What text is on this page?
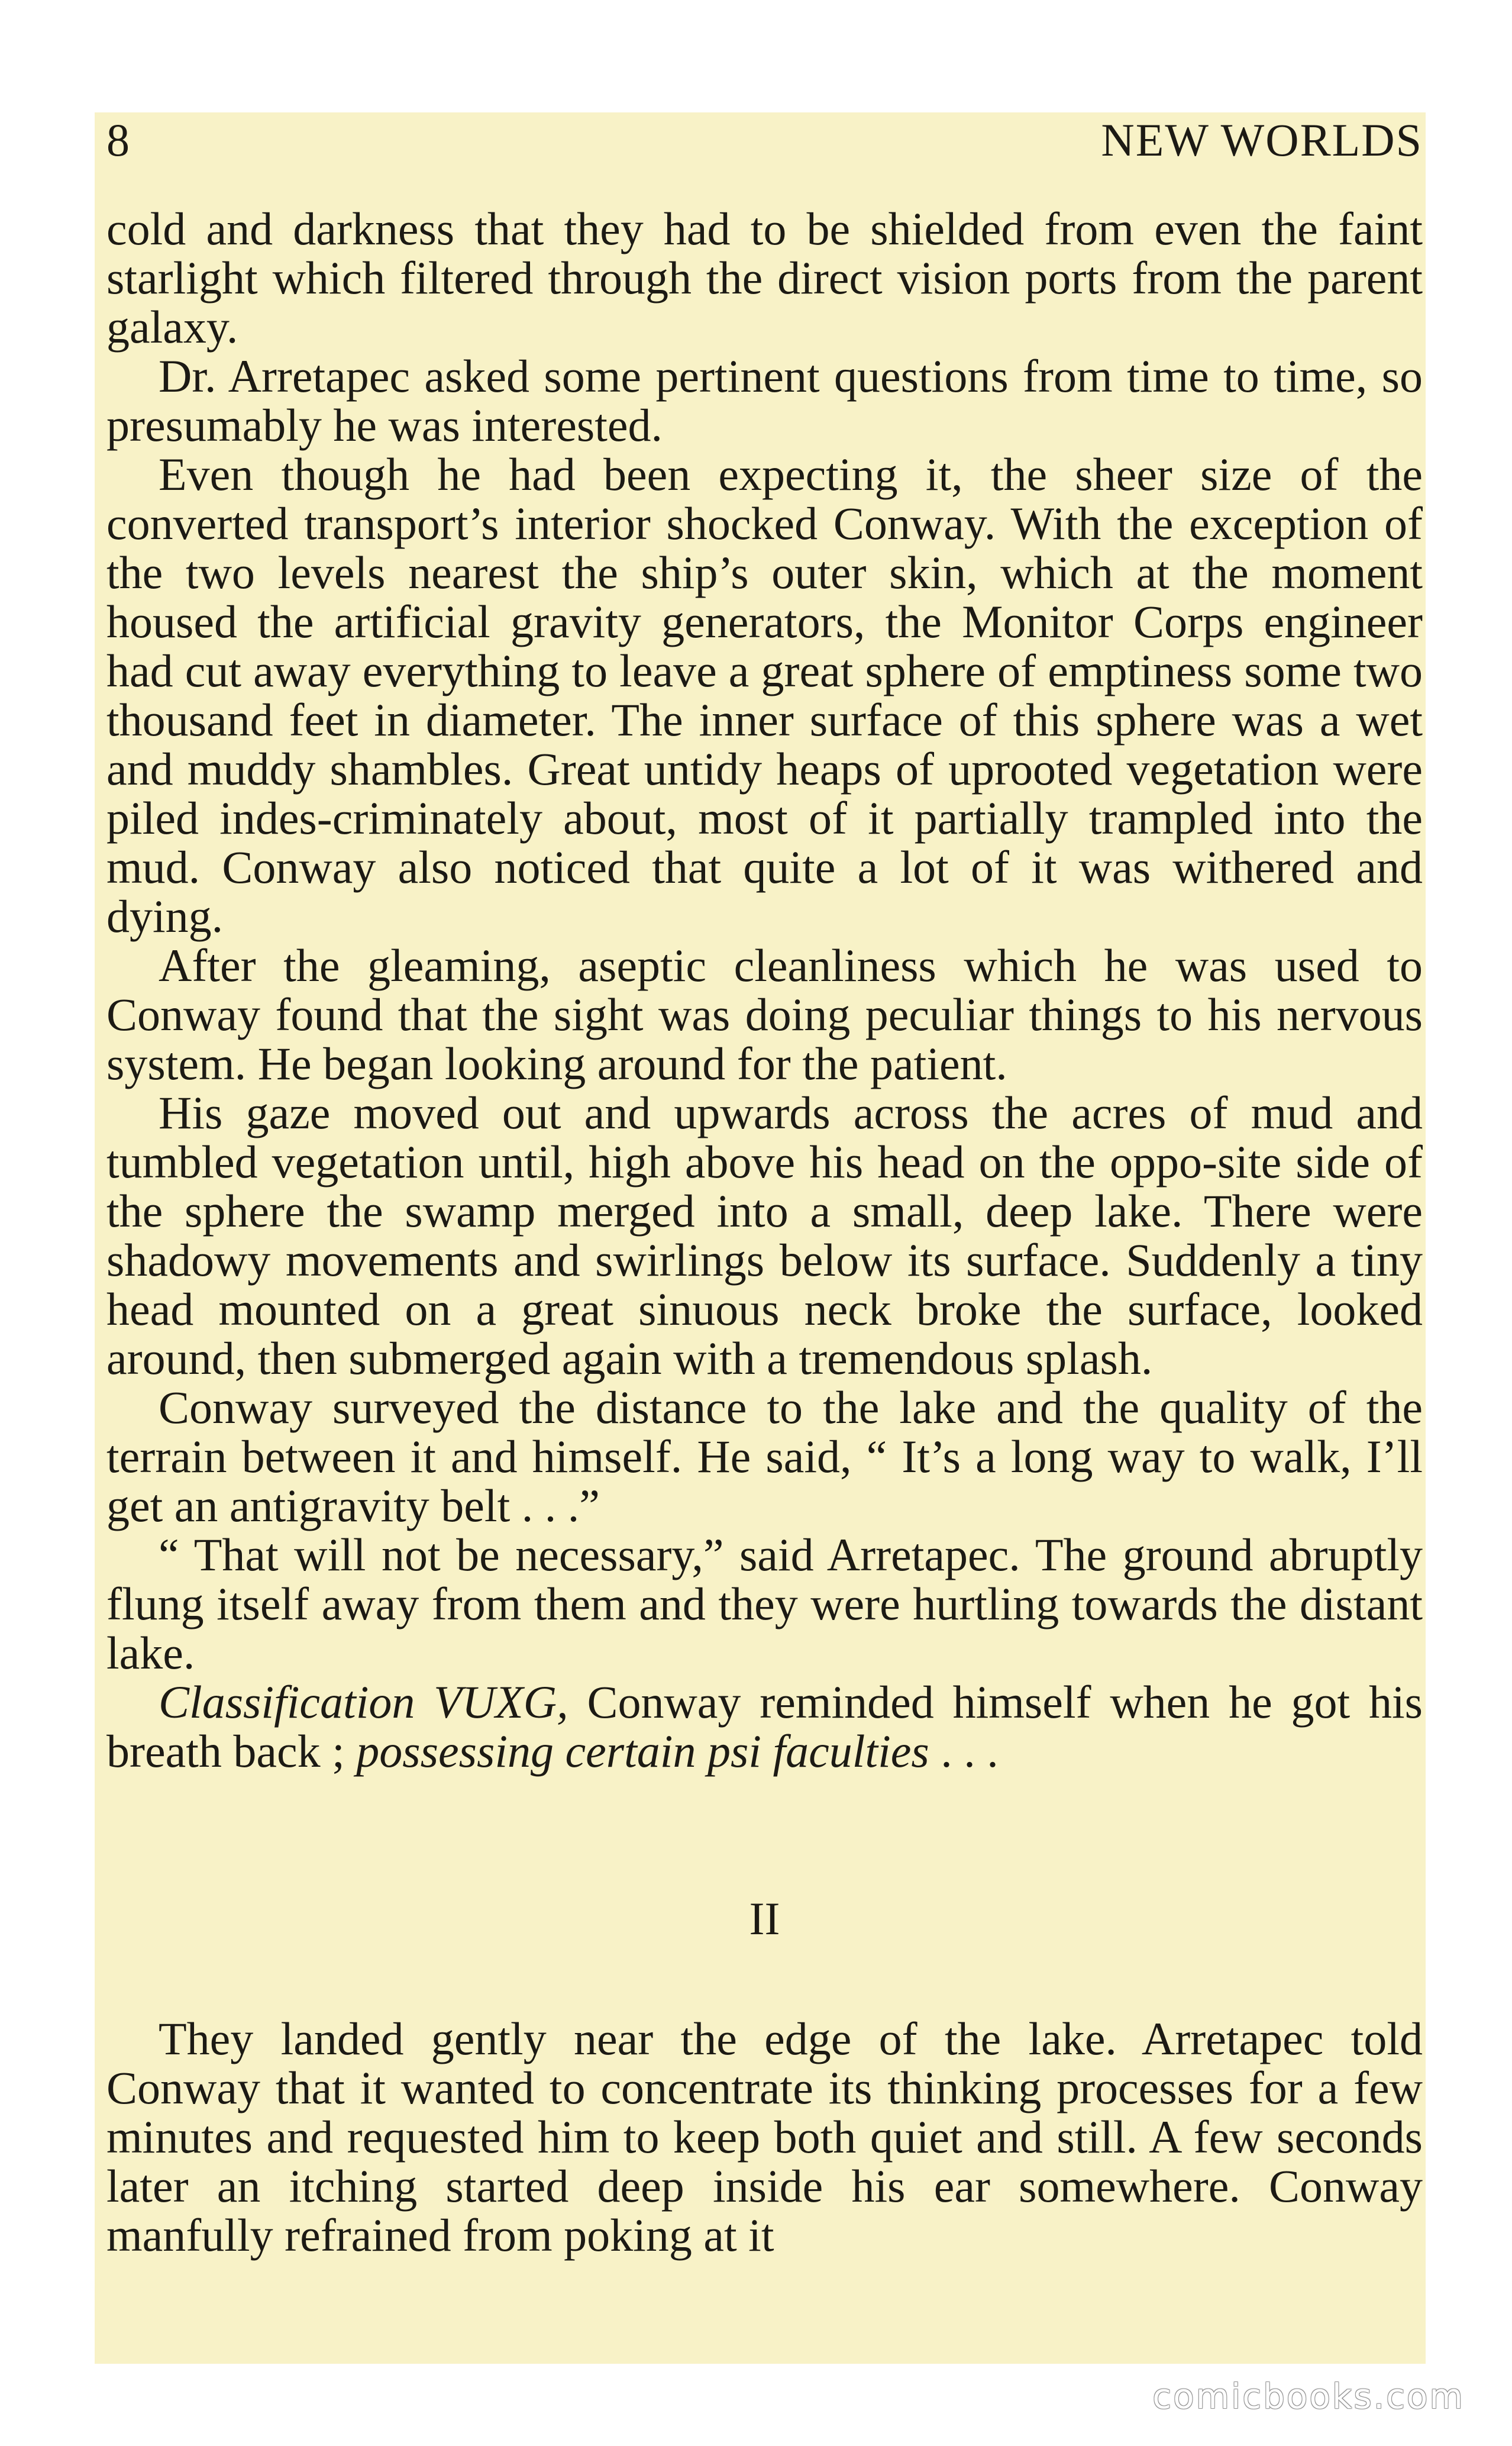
8	NEW WORLDS

cold and darkness that they had to be shielded from even the faint starlight which filtered through the direct vision ports from the parent galaxy.

Dr. Arretapec asked some pertinent questions from time to time, so presumably he was interested.

Even though he had been expecting it, the sheer size of the converted transport’s interior shocked Conway. With the exception of the two levels nearest the ship’s outer skin, which at the moment housed the artificial gravity generators, the Monitor Corps engineer had cut away everything to leave a great sphere of emptiness some two thousand feet in diameter. The inner surface of this sphere was a wet and muddy shambles. Great untidy heaps of uprooted vegetation were piled indes-criminately about, most of it partially trampled into the mud. Conway also noticed that quite a lot of it was withered and dying.

After the gleaming, aseptic cleanliness which he was used to Conway found that the sight was doing peculiar things to his nervous system. He began looking around for the patient.

His gaze moved out and upwards across the acres of mud and tumbled vegetation until, high above his head on the oppo-site side of the sphere the swamp merged into a small, deep lake. There were shadowy movements and swirlings below its surface. Suddenly a tiny head mounted on a great sinuous neck broke the surface, looked around, then submerged again with a tremendous splash.

Conway surveyed the distance to the lake and the quality of the terrain between it and himself. He said, “ It’s a long way to walk, I’ll get an antigravity belt . . .”

“ That will not be necessary,” said Arretapec. The ground abruptly flung itself away from them and they were hurtling towards the distant lake.

Classification VUXG, Conway reminded himself when he got his breath back ; possessing certain psi faculties . . .

II

They landed gently near the edge of the lake. Arretapec told Conway that it wanted to concentrate its thinking processes for a few minutes and requested him to keep both quiet and still. A few seconds later an itching started deep inside his ear somewhere. Conway manfully refrained from poking at it

comicbooks.com
